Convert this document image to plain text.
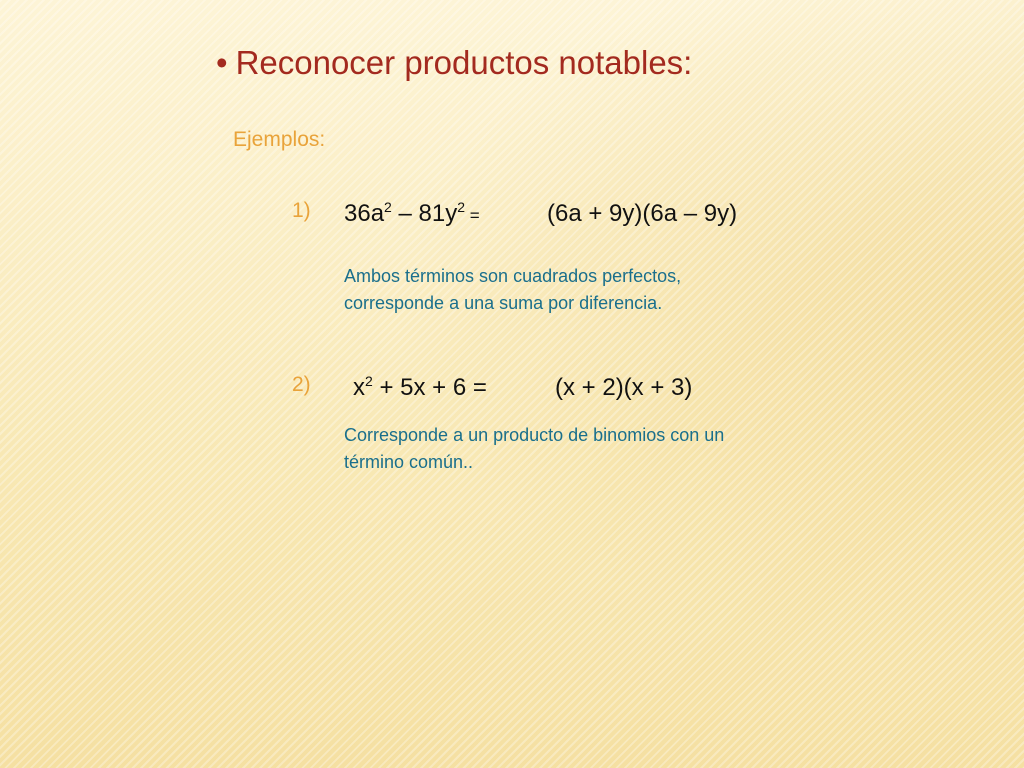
• Reconocer productos notables:
Ejemplos:
1) $36a^2 - 81y^2$ =	(6a + 9y)(6a – 9y)
Ambos términos son cuadrados perfectos,
corresponde a una suma por diferencia.
2) $x^2 + 5x + 6$ =	(x + 2)(x + 3)
Corresponde a un producto de binomios con un
término común..
